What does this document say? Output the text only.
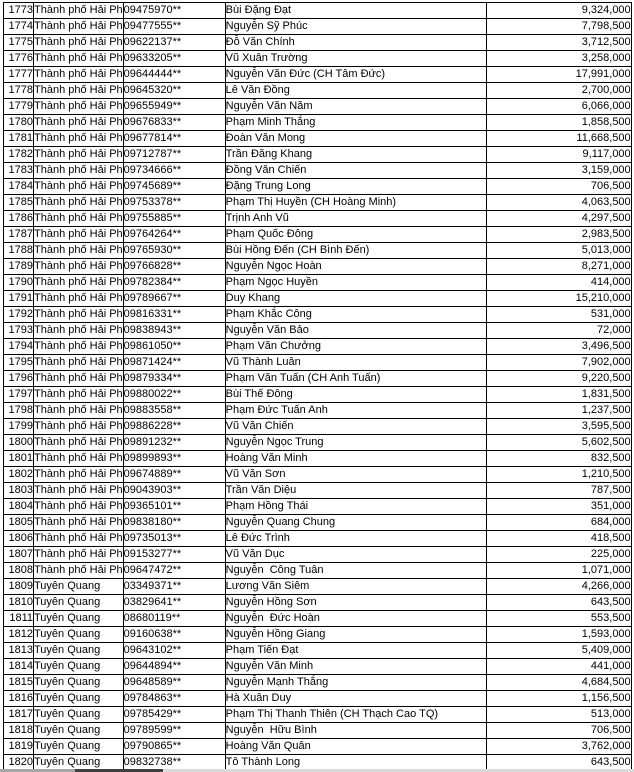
1773	Thành phố Hải Ph	09475970**	Bùi Đặng Đạt	9,324,000
1774	Thành phố Hải Ph	09477555**	Nguyễn Sỹ Phúc	7,798,500
1775	Thành phố Hải Ph	09622137**	Đỗ Văn Chính	3,712,500
1776	Thành phố Hải Ph	09633205**	Vũ Xuân Trường	3,258,000
1777	Thành phố Hải Ph	09644444**	Nguyễn Văn Đức (CH Tâm Đức)	17,991,000
1778	Thành phố Hải Ph	09645320**	Lê Văn Đồng	2,700,000
1779	Thành phố Hải Ph	09655949**	Nguyễn Văn Năm	6,066,000
1780	Thành phố Hải Ph	09676833**	Phạm Minh Thắng	1,858,500
1781	Thành phố Hải Ph	09677814**	Đoàn Văn Mong	11,668,500
1782	Thành phố Hải Ph	09712787**	Trần Đăng Khang	9,117,000
1783	Thành phố Hải Ph	09734666**	Đồng Văn Chiến	3,159,000
1784	Thành phố Hải Ph	09745689**	Đặng Trung Long	706,500
1785	Thành phố Hải Ph	09753378**	Phạm Thị Huyền (CH Hoàng Minh)	4,063,500
1786	Thành phố Hải Ph	09755885**	Trịnh Anh Vũ	4,297,500
1787	Thành phố Hải Ph	09764264**	Phạm Quốc Đông	2,983,500
1788	Thành phố Hải Ph	09765930**	Bùi Hồng Đến (CH Bình Đến)	5,013,000
1789	Thành phố Hải Ph	09766828**	Nguyễn Ngọc Hoàn	8,271,000
1790	Thành phố Hải Ph	09782384**	Phạm Ngọc Huyền	414,000
1791	Thành phố Hải Ph	09789667**	Duy Khang	15,210,000
1792	Thành phố Hải Ph	09816331**	Phạm Khắc Công	531,000
1793	Thành phố Hải Ph	09838943**	Nguyễn Văn Bảo	72,000
1794	Thành phố Hải Ph	09861050**	Phạm Văn Chưởng	3,496,500
1795	Thành phố Hải Ph	09871424**	Vũ Thành Luân	7,902,000
1796	Thành phố Hải Ph	09879334**	Phạm Văn Tuấn (CH Anh Tuấn)	9,220,500
1797	Thành phố Hải Ph	09880022**	Bùi Thế Đông	1,831,500
1798	Thành phố Hải Ph	09883558**	Phạm Đức Tuấn Anh	1,237,500
1799	Thành phố Hải Ph	09886228**	Vũ Văn Chiến	3,595,500
1800	Thành phố Hải Ph	09891232**	Nguyễn Ngọc Trung	5,602,500
1801	Thành phố Hải Ph	09899893**	Hoàng Văn Minh	832,500
1802	Thành phố Hải Ph	09674889**	Vũ Văn Sơn	1,210,500
1803	Thành phố Hải Ph	09043903**	Trần Văn Diệu	787,500
1804	Thành phố Hải Ph	09365101**	Phạm Hồng Thái	351,000
1805	Thành phố Hải Ph	09838180**	Nguyễn Quang Chung	684,000
1806	Thành phố Hải Ph	09735013**	Lê Đức Trình	418,500
1807	Thành phố Hải Ph	09153277**	Vũ Văn Dục	225,000
1808	Thành phố Hải Ph	09647472**	Nguyễn  Công Tuân	1,071,000
1809	Tuyên Quang	03349371**	Lương Văn Siêm	4,266,000
1810	Tuyên Quang	03829641**	Nguyễn Hồng Sơn	643,500
1811	Tuyên Quang	08680119**	Nguyễn  Đức Hoàn	553,500
1812	Tuyên Quang	09160638**	Nguyễn Hồng Giang	1,593,000
1813	Tuyên Quang	09643102**	Phạm Tiến Đạt	5,409,000
1814	Tuyên Quang	09644894**	Nguyễn Văn Minh	441,000
1815	Tuyên Quang	09648589**	Nguyễn Mạnh Thắng	4,684,500
1816	Tuyên Quang	09784863**	Hà Xuân Duy	1,156,500
1817	Tuyên Quang	09785429**	Phạm Thị Thanh Thiên (CH Thạch Cao TQ)	513,000
1818	Tuyên Quang	09789599**	Nguyễn  Hữu Bình	706,500
1819	Tuyên Quang	09790865**	Hoàng Văn Quân	3,762,000
1820	Tuyên Quang	09832738**	Tô Thành Long	643,500
